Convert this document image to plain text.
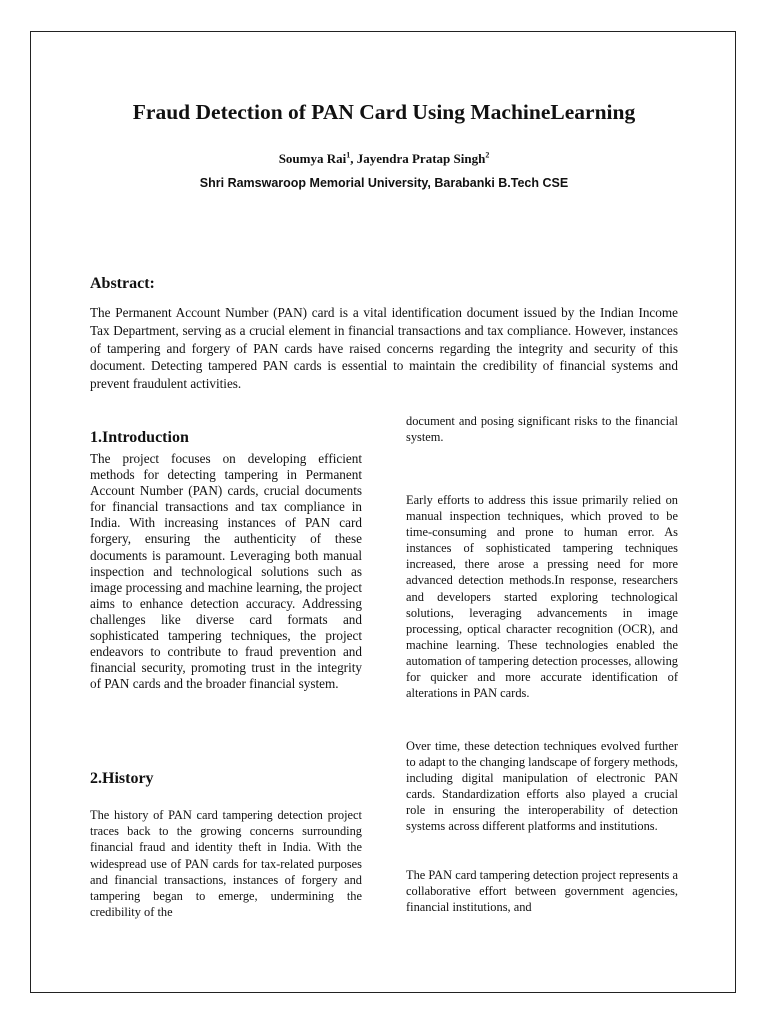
Fraud Detection of PAN Card Using MachineLearning
Soumya Rai$^1$, Jayendra Pratap Singh$^2$
Shri Ramswaroop Memorial University, Barabanki B.Tech CSE
Abstract:

The Permanent Account Number (PAN) card is a vital identification document issued by the Indian Income Tax Department, serving as a crucial element in financial transactions and tax compliance. However, instances of tampering and forgery of PAN cards have raised concerns regarding the integrity and security of this document. Detecting tampered PAN cards is essential to maintain the credibility of financial systems and prevent fraudulent activities.

1.Introduction

The project focuses on developing efficient methods for detecting tampering in Permanent Account Number (PAN) cards, crucial documents for financial transactions and tax compliance in India. With increasing instances of PAN card forgery, ensuring the authenticity of these documents is paramount. Leveraging both manual inspection and technological solutions such as image processing and machine learning, the project aims to enhance detection accuracy. Addressing challenges like diverse card formats and sophisticated tampering techniques, the project endeavors to contribute to fraud prevention and financial security, promoting trust in the integrity of PAN cards and the broader financial system.

2.History

The history of PAN card tampering detection project traces back to the growing concerns surrounding financial fraud and identity theft in India. With the widespread use of PAN cards for tax-related purposes and financial transactions, instances of forgery and tampering began to emerge, undermining the credibility of the

document and posing significant risks to the financial system.

Early efforts to address this issue primarily relied on manual inspection techniques, which proved to be time-consuming and prone to human error. As instances of sophisticated tampering techniques increased, there arose a pressing need for more advanced detection methods.In response, researchers and developers started exploring technological solutions, leveraging advancements in image processing, optical character recognition (OCR), and machine learning. These technologies enabled the automation of tampering detection processes, allowing for quicker and more accurate identification of alterations in PAN cards.

Over time, these detection techniques evolved further to adapt to the changing landscape of forgery methods, including digital manipulation of electronic PAN cards. Standardization efforts also played a crucial role in ensuring the interoperability of detection systems across different platforms and institutions.

The PAN card tampering detection project represents a collaborative effort between government agencies, financial institutions, and
